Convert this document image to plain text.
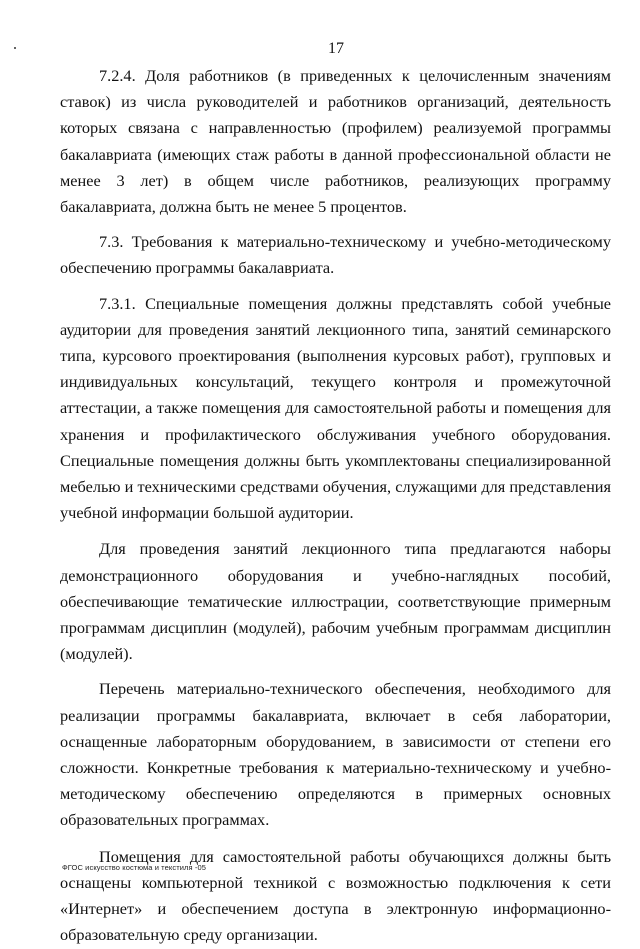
17

7.2.4. Доля работников (в приведенных к целочисленным значениям ставок) из числа руководителей и работников организаций, деятельность которых связана с направленностью (профилем) реализуемой программы бакалавриата (имеющих стаж работы в данной профессиональной области не менее 3 лет) в общем числе работников, реализующих программу бакалавриата, должна быть не менее 5 процентов.

7.3. Требования к материально-техническому и учебно-методическому обеспечению программы бакалавриата.

7.3.1. Специальные помещения должны представлять собой учебные аудитории для проведения занятий лекционного типа, занятий семинарского типа, курсового проектирования (выполнения курсовых работ), групповых и индивидуальных консультаций, текущего контроля и промежуточной аттестации, а также помещения для самостоятельной работы и помещения для хранения и профилактического обслуживания учебного оборудования. Специальные помещения должны быть укомплектованы специализированной мебелью и техническими средствами обучения, служащими для представления учебной информации большой аудитории.

Для проведения занятий лекционного типа предлагаются наборы демонстрационного оборудования и учебно-наглядных пособий, обеспечивающие тематические иллюстрации, соответствующие примерным программам дисциплин (модулей), рабочим учебным программам дисциплин (модулей).

Перечень материально-технического обеспечения, необходимого для реализации программы бакалавриата, включает в себя лаборатории, оснащенные лабораторным оборудованием, в зависимости от степени его сложности. Конкретные требования к материально-техническому и учебно-методическому обеспечению определяются в примерных основных образовательных программах.

Помещения для самостоятельной работы обучающихся должны быть оснащены компьютерной техникой с возможностью подключения к сети «Интернет» и обеспечением доступа в электронную информационно-образовательную среду организации.

ФГОС искусство костюма и текстиля -05
